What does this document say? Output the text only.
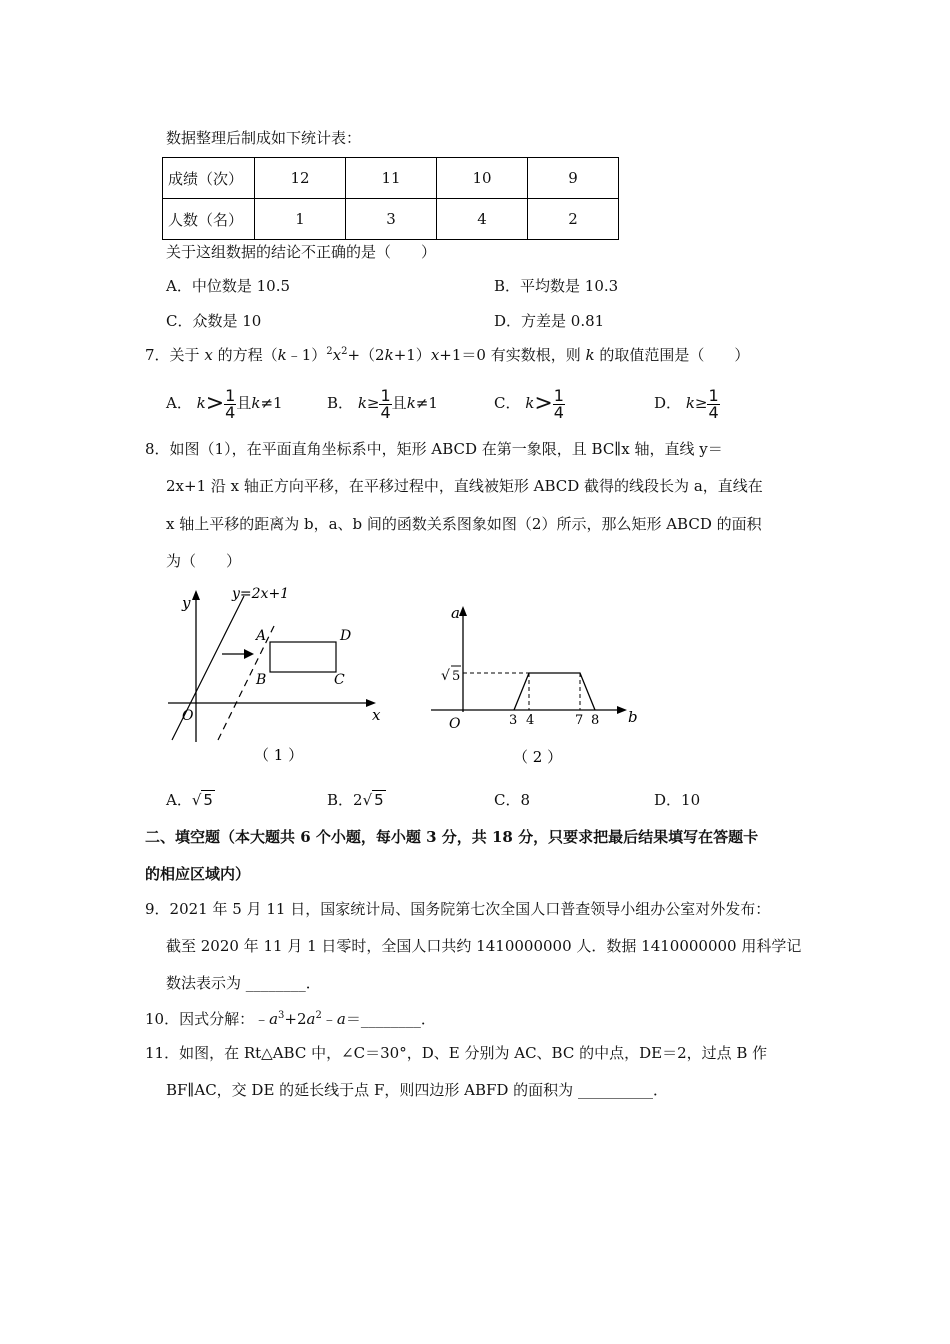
数据整理后制成如下统计表：
成绩（次）	12	11	10	9
人数（名）	1	3	4	2
关于这组数据的结论不正确的是（　　）
A．中位数是 10.5	B．平均数是 10.3
C．众数是 10	D．方差是 0.81
7．关于 x 的方程$(k﹣1)^2x^2+(2k+1)x+1=0$ 有实数根，则 k 的取值范围是（　　）
A． $k> \frac{1}{4}$ 且k≠1	B． $k\ge \frac{1}{4}$ 且k≠1	C． $k> \frac{1}{4}$	D． $k\ge \frac{1}{4}$
8．如图（1），在平面直角坐标系中，矩形 ABCD 在第一象限，且 BC∥x 轴，直线 y＝
2x+1 沿 x 轴正方向平移，在平移过程中，直线被矩形 ABCD 截得的线段长为 a，直线在
x 轴上平移的距离为 b，a、b 间的函数关系图象如图（2）所示，那么矩形 ABCD 的面积
为（　　）
y	y=2x+1
A
B	C
D
O	x
（ 1 ）
a
√ 5
O	3 4	7 8 b
（ 2 ）
A．√ 5	B．2√ 5	C．8	D．10
二、填空题（本大题共 6 个小题，每小题 3 分，共 18 分，只要求把最后结果填写在答题卡
的相应区域内）
9．2021 年 5 月 11 日，国家统计局、国务院第七次全国人口普查领导小组办公室对外发布：
截至 2020 年 11 月 1 日零时，全国人口共约 1410000000 人．数据 1410000000 用科学记
数法表示为 ________．
10．因式分解：$﹣a^3+2a^2﹣a=\_\_\_\_\_\_\_\_$．
11．如图，在 Rt△ABC 中，∠C＝30°，D、E 分别为 AC、BC 的中点，DE＝2，过点 B 作
BF∥AC，交 DE 的延长线于点 F，则四边形 ABFD 的面积为 __________．
